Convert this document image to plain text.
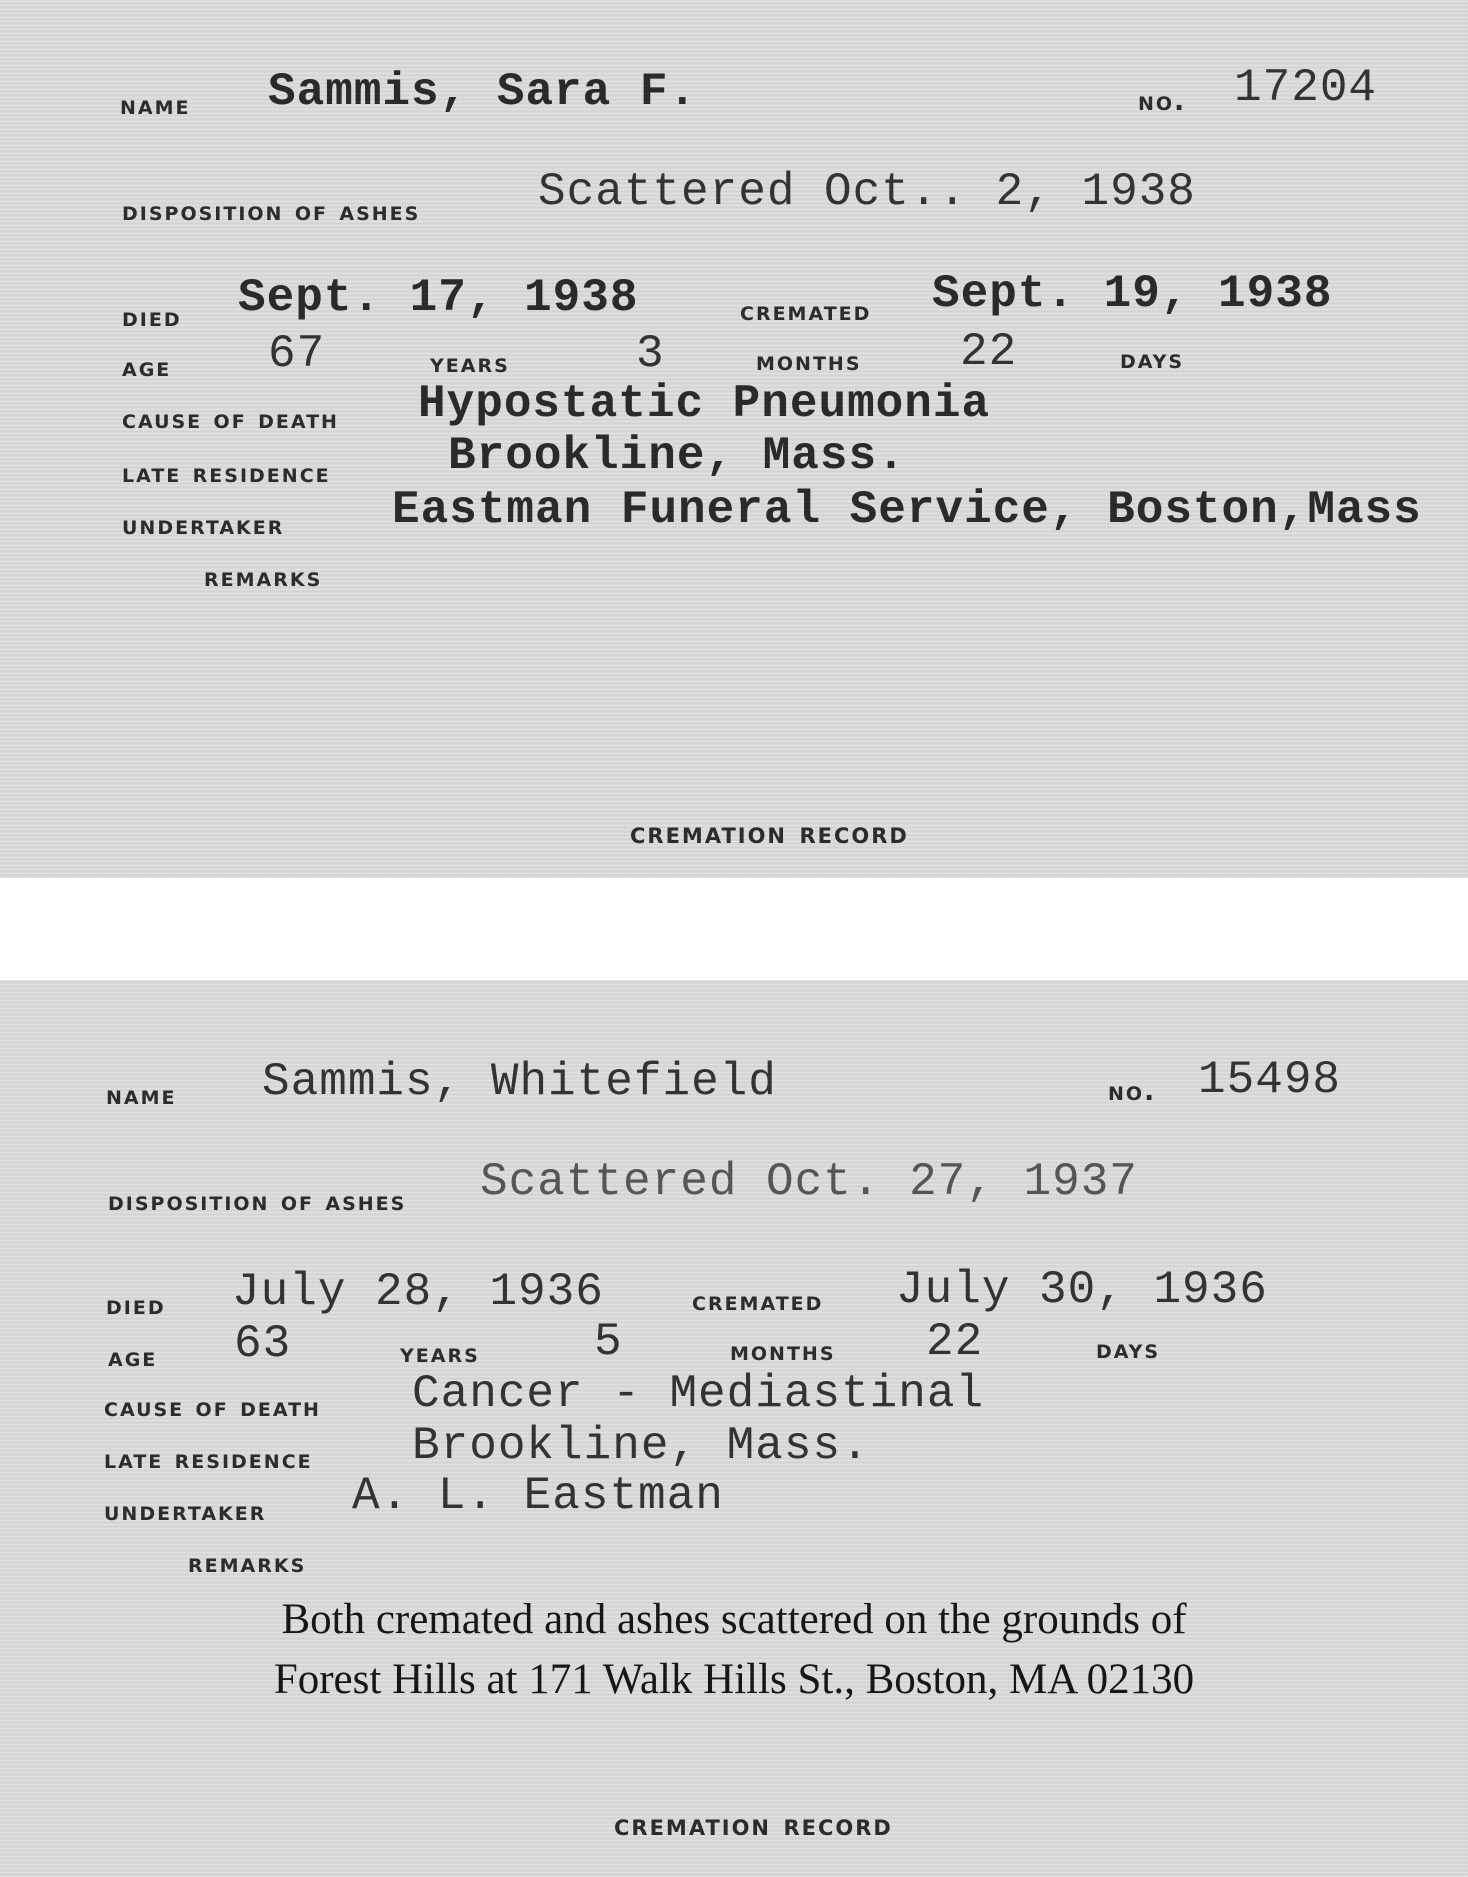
name Sammis, Sara F.	no. 17204
disposition of ashes	Scattered Oct.. 2, 1938
died Sept. 17, 1938	cremated Sept. 19, 1938
age 67	years	3	months 22	days
cause of death Hypostatic Pneumonia
late residence	Brookline, Mass.
undertaker Eastman Funeral Service, Boston,Mass
remarks
cremation record
name Sammis, Whitefield	no. 15498
disposition of ashes Scattered Oct. 27, 1937
died July 28, 1936	cremated July 30, 1936
age 63	years 5	months 22	days
cause of death Cancer - Mediastinal
late residence Brookline, Mass.
undertaker A. L. Eastman
remarks
Both cremated and ashes scattered on the grounds of
Forest Hills at 171 Walk Hills St., Boston, MA 02130
cremation record
